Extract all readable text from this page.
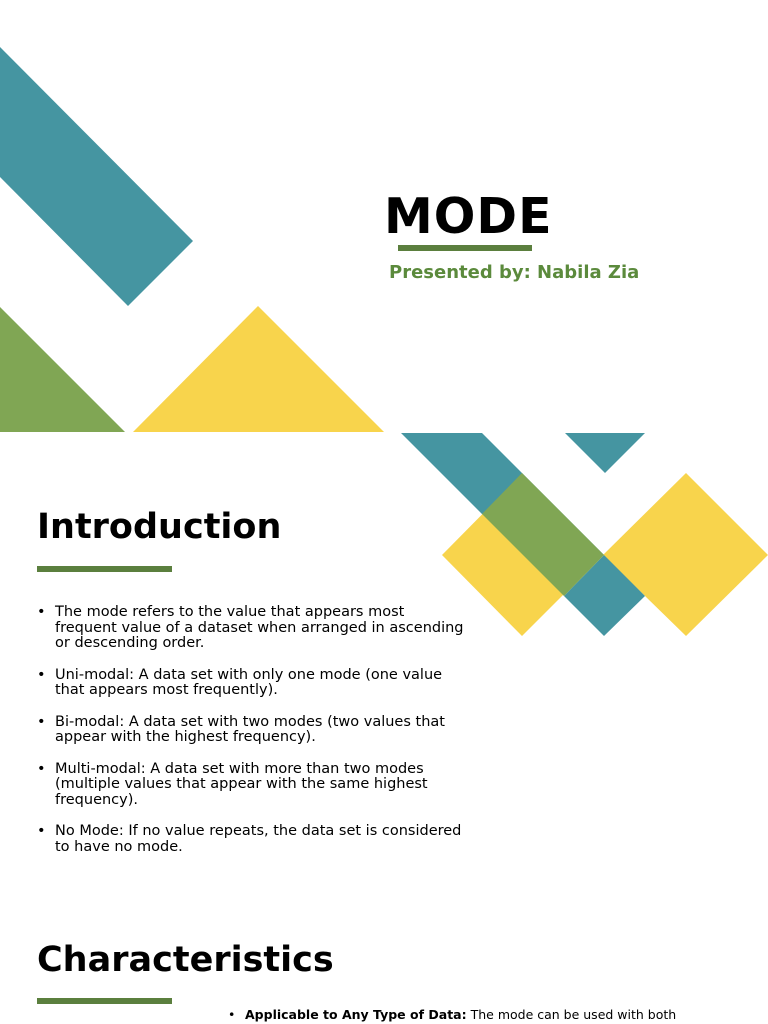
MODE

Presented by: Nabila Zia

Introduction
• The mode refers to the value that appears most frequent value of a dataset when arranged in ascending or descending order.
• Uni-modal: A data set with only one mode (one value that appears most frequently).
• Bi-modal: A data set with two modes (two values that appear with the highest frequency).
• Multi-modal: A data set with more than two modes (multiple values that appear with the same highest frequency).
• No Mode: If no value repeats, the data set is considered to have no mode.
Characteristics
• Applicable to Any Type of Data: The mode can be used with both
